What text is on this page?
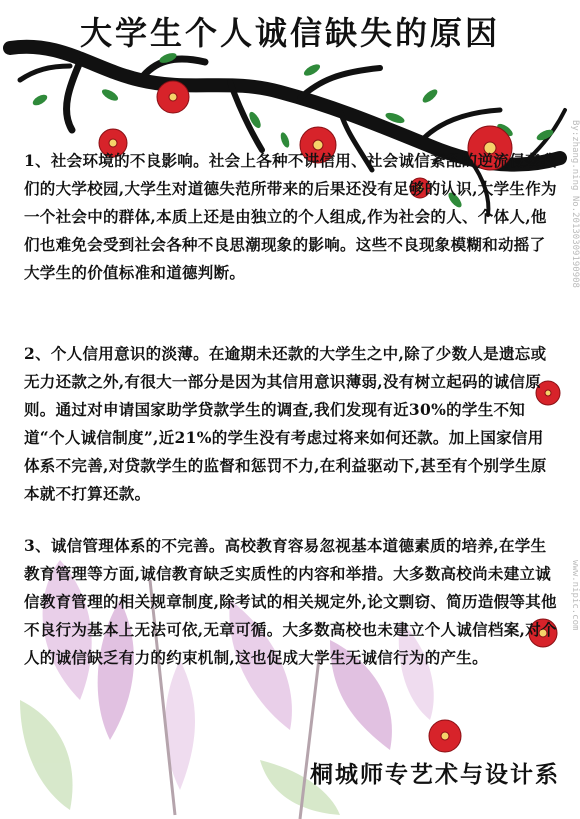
大学生个人诚信缺失的原因
1、社会环境的不良影响。社会上各种不讲信用、社会诚信紊乱的逆流侵袭我们的大学校园,大学生对道德失范所带来的后果还没有足够的认识,大学生作为一个社会中的群体,本质上还是由独立的个人组成,作为社会的人、个体人,他们也难免会受到社会各种不良思潮现象的影响。这些不良现象模糊和动摇了大学生的价值标准和道德判断。
2、个人信用意识的淡薄。在逾期未还款的大学生之中,除了少数人是遗忘或无力还款之外,有很大一部分是因为其信用意识薄弱,没有树立起码的诚信原则。通过对申请国家助学贷款学生的调查,我们发现有近30%的学生不知道“个人诚信制度”,近21%的学生没有考虑过将来如何还款。加上国家信用体系不完善,对贷款学生的监督和惩罚不力,在利益驱动下,甚至有个别学生原本就不打算还款。
3、诚信管理体系的不完善。高校教育容易忽视基本道德素质的培养,在学生教育管理等方面,诚信教育缺乏实质性的内容和举措。大多数高校尚未建立诚信教育管理的相关规章制度,除考试的相关规定外,论文剽窃、简历造假等其他不良行为基本上无法可依,无章可循。大多数高校也未建立个人诚信档案,对个人的诚信缺乏有力的约束机制,这也促成大学生无诚信行为的产生。
桐城师专艺术与设计系
By:zhang.ning No.20130309190908
www.nipic.com
